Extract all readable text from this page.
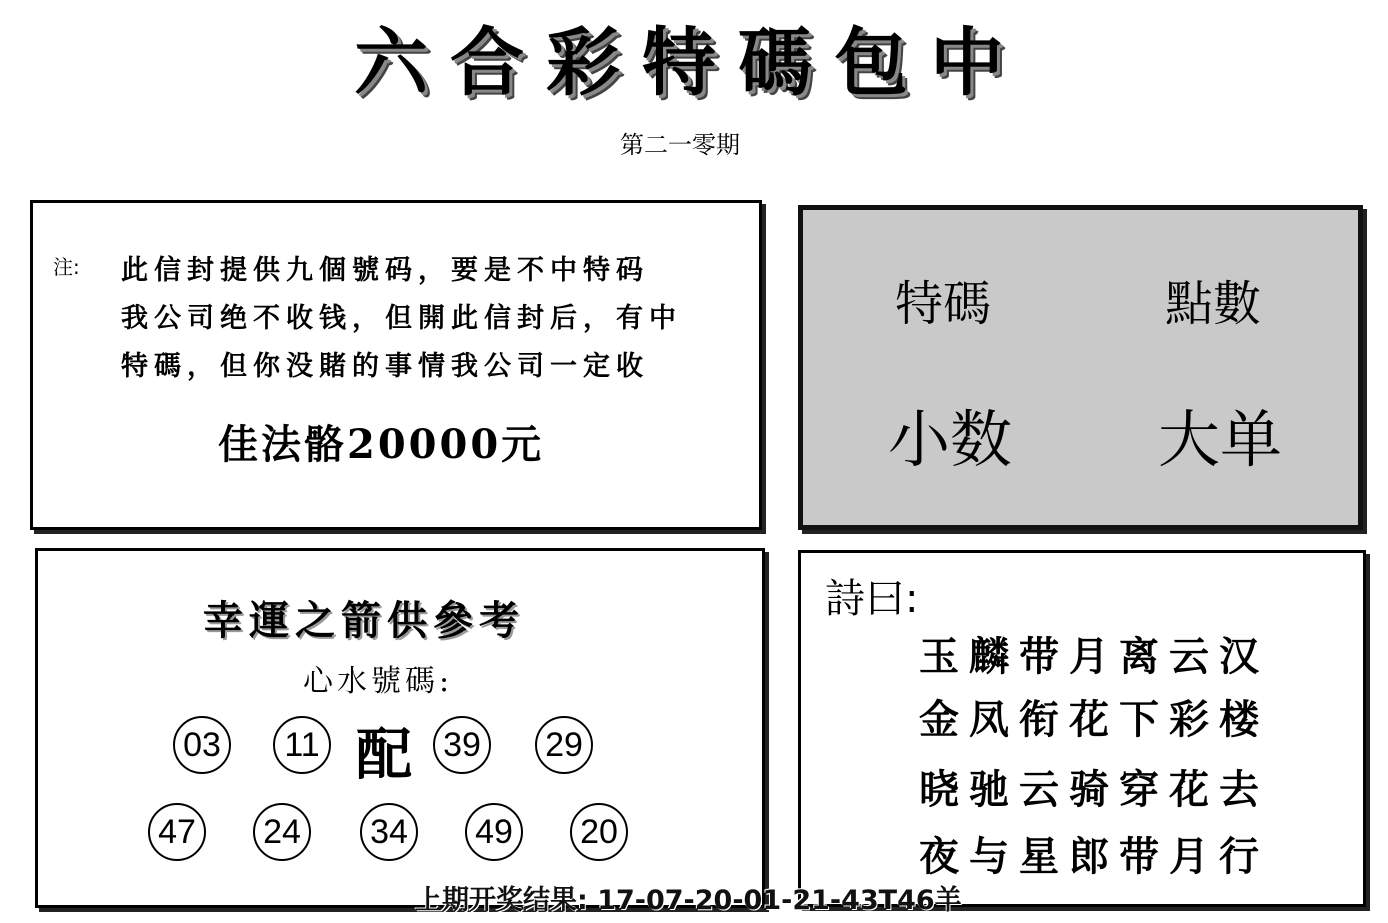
六合彩特碼包中
第二一零期
注: 此信封提供九個號码，要是不中特码
我公司绝不收钱，但開此信封后，有中
特碼，但你没賭的事情我公司一定收
佳法骼20000元
特碼	點數
小数 大单
幸運之箭供參考
心水號碼:
03	11 配 39 29
47 24 34 49 20
詩曰:
玉麟带月离云汉
金凤衔花下彩楼
晓驰云骑穿花去
夜与星郎带月行
上期开奖结果: 17-07-20-01-21-43T46羊
